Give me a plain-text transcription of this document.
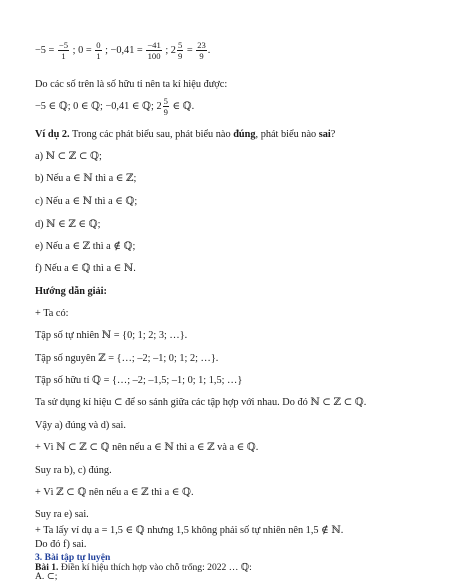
$-5 = \frac{-5}{1}$ ; $0 = \frac{0}{1}$ ; $-0,41 = \frac{-41}{100}$ ; $2 \frac{5}{9} = \frac{23}{9}$ .
Do các số trên là số hữu tỉ nên ta kí hiệu được:
−5 ∈ ℚ; 0 ∈ ℚ; −0,41 ∈ ℚ; $2 \frac{5}{9}$ ∈ ℚ.
Ví dụ 2. Trong các phát biểu sau, phát biểu nào đúng, phát biểu nào sai?
a) ℕ ⊂ ℤ ⊂ ℚ;
b) Nếu a ∈ ℕ thì a ∈ ℤ;
c) Nếu a ∈ ℕ thì a ∈ ℚ;
d) ℕ ∈ ℤ ∈ ℚ;
e) Nếu a ∈ ℤ thì a ∉ ℚ;
f) Nếu a ∈ ℚ thì a ∈ ℕ.
Hướng dẫn giải:
+ Ta có:
Tập số tự nhiên ℕ = {0; 1; 2; 3; …}.
Tập số nguyên ℤ = {…; –2; –1; 0; 1; 2; …}.
Tập số hữu tỉ ℚ = {…; –2; –1,5; –1; 0; 1; 1,5; …}
Ta sử dụng kí hiệu ⊂ để so sánh giữa các tập hợp với nhau. Do đó ℕ ⊂ ℤ ⊂ ℚ.
Vậy a) đúng và d) sai.
+ Vì ℕ ⊂ ℤ ⊂ ℚ nên nếu a ∈ ℕ thì a ∈ ℤ và a ∈ ℚ.
Suy ra b), c) đúng.
+ Vì ℤ ⊂ ℚ nên nếu a ∈ ℤ thì a ∈ ℚ.
Suy ra e) sai.
+ Ta lấy ví dụ a = 1,5 ∈ ℚ nhưng 1,5 không phải số tự nhiên nên 1,5 ∉ ℕ.
Do đó f) sai.
3. Bài tập tự luyện
Bài 1. Điền kí hiệu thích hợp vào chỗ trống: 2022 … ℚ:
A. ⊂;
